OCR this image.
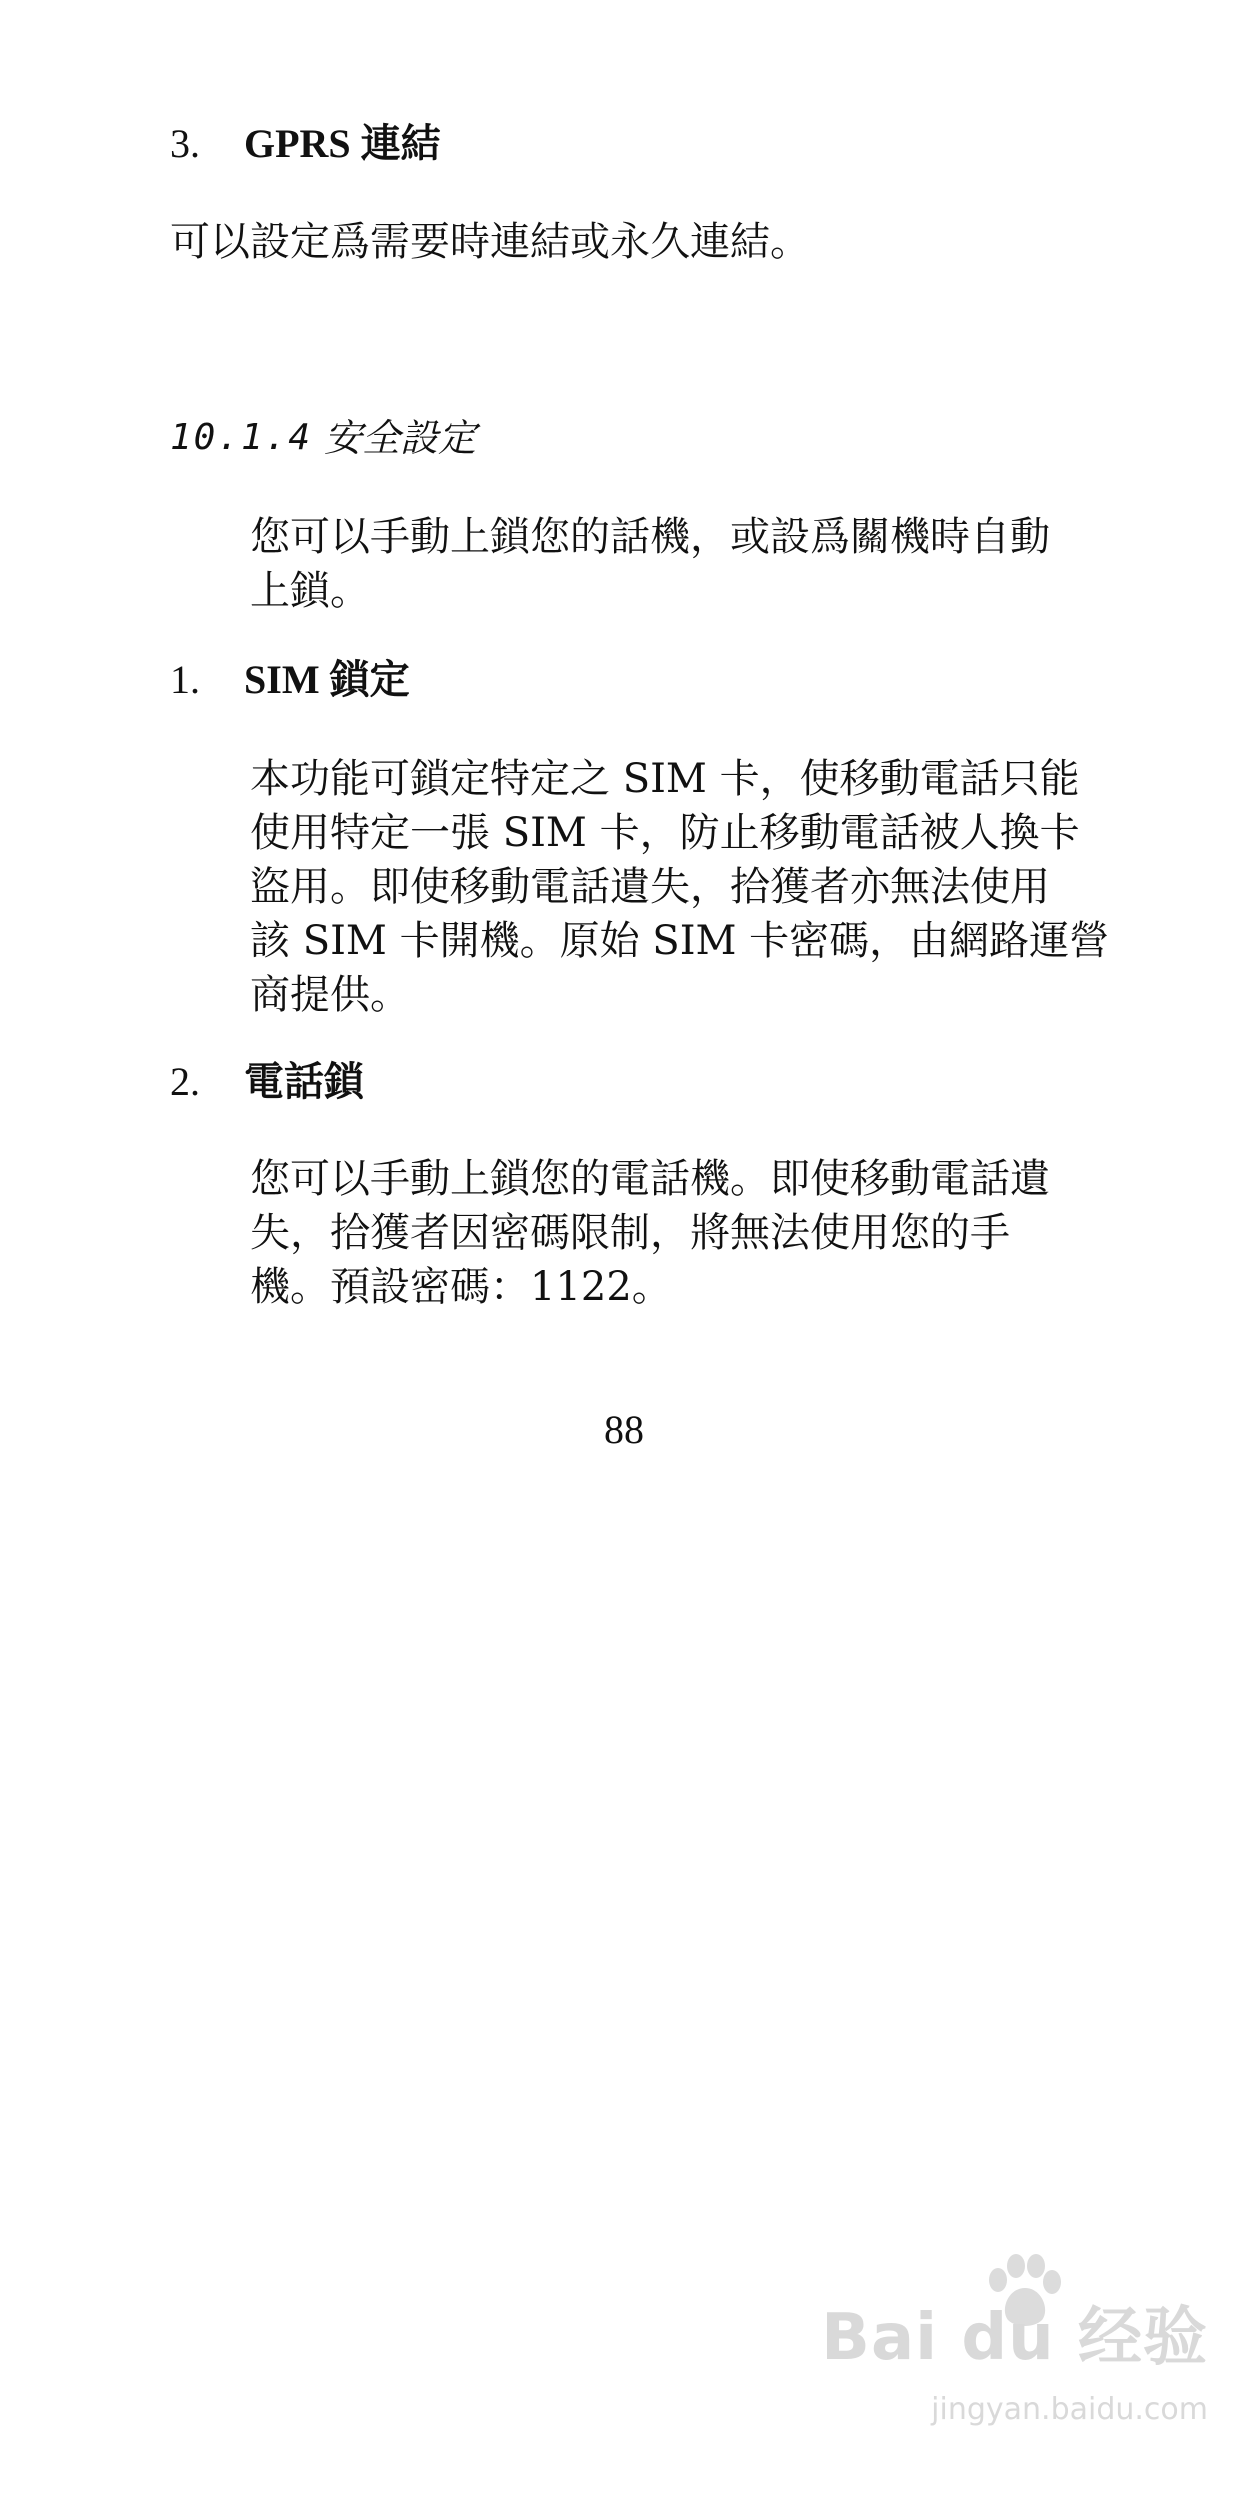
3. GPRS 連結
可以設定爲需要時連結或永久連結。
10.1.4 安全設定
您可以手動上鎖您的話機，或設爲關機時自動
上鎖。
1. SIM 鎖定
本功能可鎖定特定之 SIM 卡，使移動電話只能
使用特定一張 SIM 卡，防止移動電話被人換卡
盜用。即使移動電話遺失，拾獲者亦無法使用
該 SIM 卡開機。原始 SIM 卡密碼，由網路運營
商提供。
2. 電話鎖
您可以手動上鎖您的電話機。即使移動電話遺
失，拾獲者因密碼限制，將無法使用您的手
機。預設密碼：1122。
88
Bai du 经验
jingyan.baidu.com
